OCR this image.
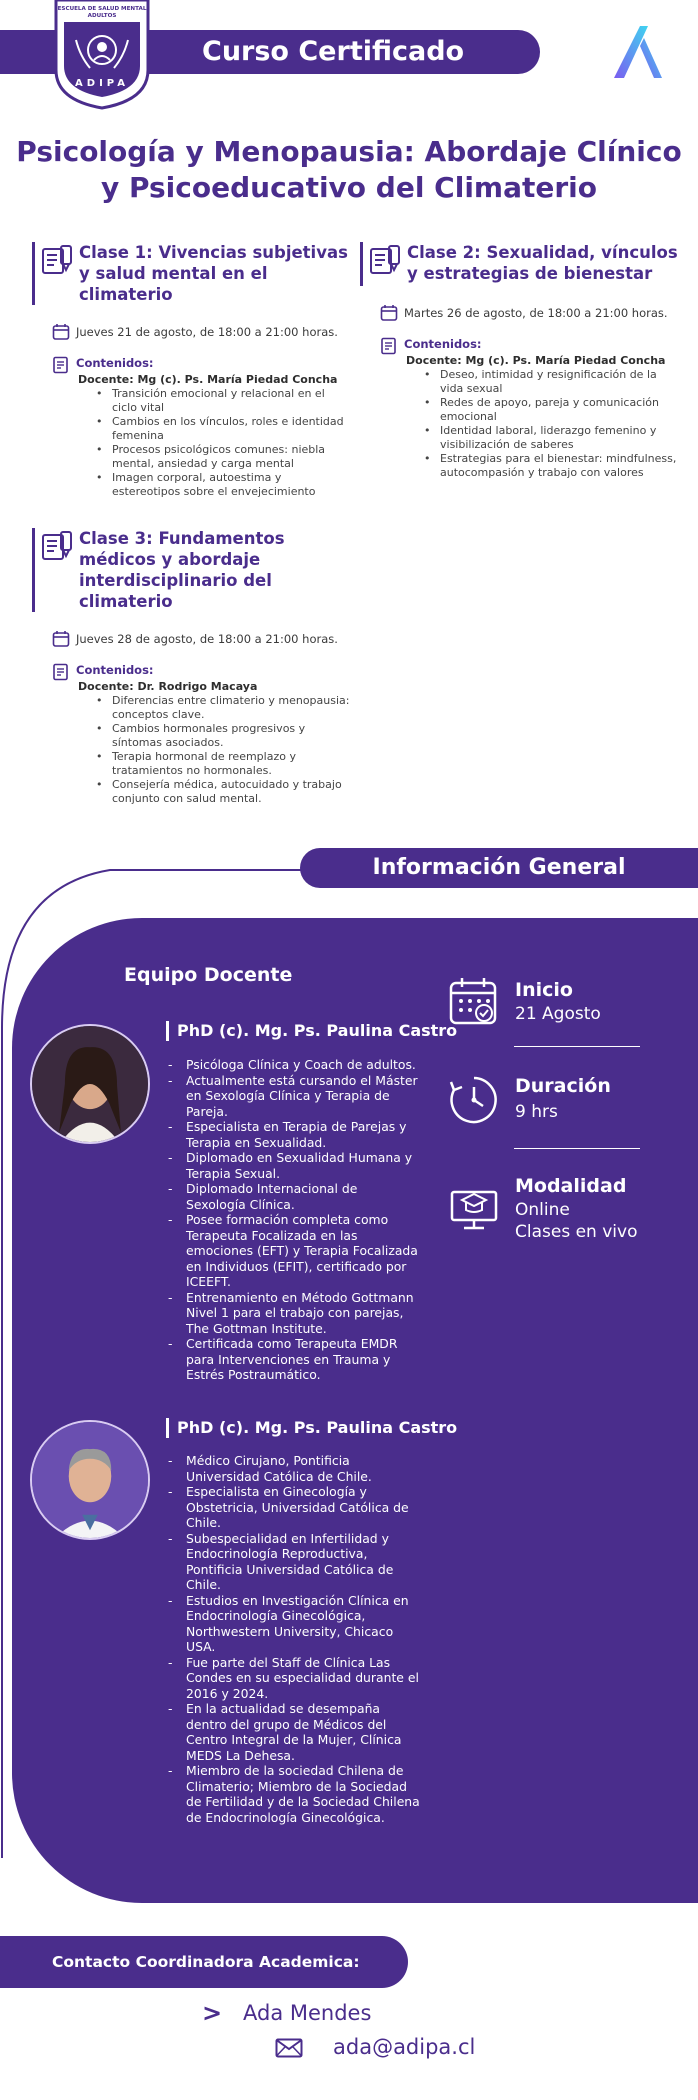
Curso Certificado
ESCUELA DE SALUD MENTAL
ADULTOS
ADIPA
Psicología y Menopausia: Abordaje Clínico
y Psicoeducativo del Climaterio
Clase 1: Vivencias subjetivas y salud mental en el climaterio
Jueves 21 de agosto, de 18:00 a 21:00 horas.
Contenidos:
Docente: Mg (c). Ps. María Piedad Concha
• Transición emocional y relacional en el ciclo vital
• Cambios en los vínculos, roles e identidad femenina
• Procesos psicológicos comunes: niebla mental, ansiedad y carga mental
• Imagen corporal, autoestima y estereotipos sobre el envejecimiento
Clase 2: Sexualidad, vínculos y estrategias de bienestar
Martes 26 de agosto, de 18:00 a 21:00 horas.
Contenidos:
Docente: Mg (c). Ps. María Piedad Concha
• Deseo, intimidad y resignificación de la vida sexual
• Redes de apoyo, pareja y comunicación emocional
• Identidad laboral, liderazgo femenino y visibilización de saberes
• Estrategias para el bienestar: mindfulness, autocompasión y trabajo con valores
Clase 3: Fundamentos médicos y abordaje interdisciplinario del climaterio
Jueves 28 de agosto, de 18:00 a 21:00 horas.
Contenidos:
Docente: Dr. Rodrigo Macaya
• Diferencias entre climaterio y menopausia: conceptos clave.
• Cambios hormonales progresivos y síntomas asociados.
• Terapia hormonal de reemplazo y tratamientos no hormonales.
• Consejería médica, autocuidado y trabajo conjunto con salud mental.
Información General
Equipo Docente
PhD (c). Mg. Ps. Paulina Castro
- Psicóloga Clínica y Coach de adultos.
- Actualmente está cursando el Máster en Sexología Clínica y Terapia de Pareja.
- Especialista en Terapia de Parejas y Terapia en Sexualidad.
- Diplomado en Sexualidad Humana y Terapia Sexual.
- Diplomado Internacional de Sexología Clínica.
- Posee formación completa como Terapeuta Focalizada en las emociones (EFT) y Terapia Focalizada en Individuos (EFIT), certificado por ICEEFT.
- Entrenamiento en Método Gottmann Nivel 1 para el trabajo con parejas, The Gottman Institute.
- Certificada como Terapeuta EMDR para Intervenciones en Trauma y Estrés Postraumático.
PhD (c). Mg. Ps. Paulina Castro
- Médico Cirujano, Pontificia Universidad Católica de Chile.
- Especialista en Ginecología y Obstetricia, Universidad Católica de Chile.
- Subespecialidad en Infertilidad y Endocrinología Reproductiva, Pontificia Universidad Católica de Chile.
- Estudios en Investigación Clínica en Endocrinología Ginecológica, Northwestern University, Chicaco USA.
- Fue parte del Staff de Clínica Las Condes en su especialidad durante el 2016 y 2024.
- En la actualidad se desempaña dentro del grupo de Médicos del Centro Integral de la Mujer, Clínica MEDS La Dehesa.
- Miembro de la sociedad Chilena de Climaterio; Miembro de la Sociedad de Fertilidad y de la Sociedad Chilena de Endocrinología Ginecológica.
Inicio
21 Agosto
Duración
9 hrs
Modalidad
Online
Clases en vivo
Contacto Coordinadora Academica:
> Ada Mendes
ada@adipa.cl
